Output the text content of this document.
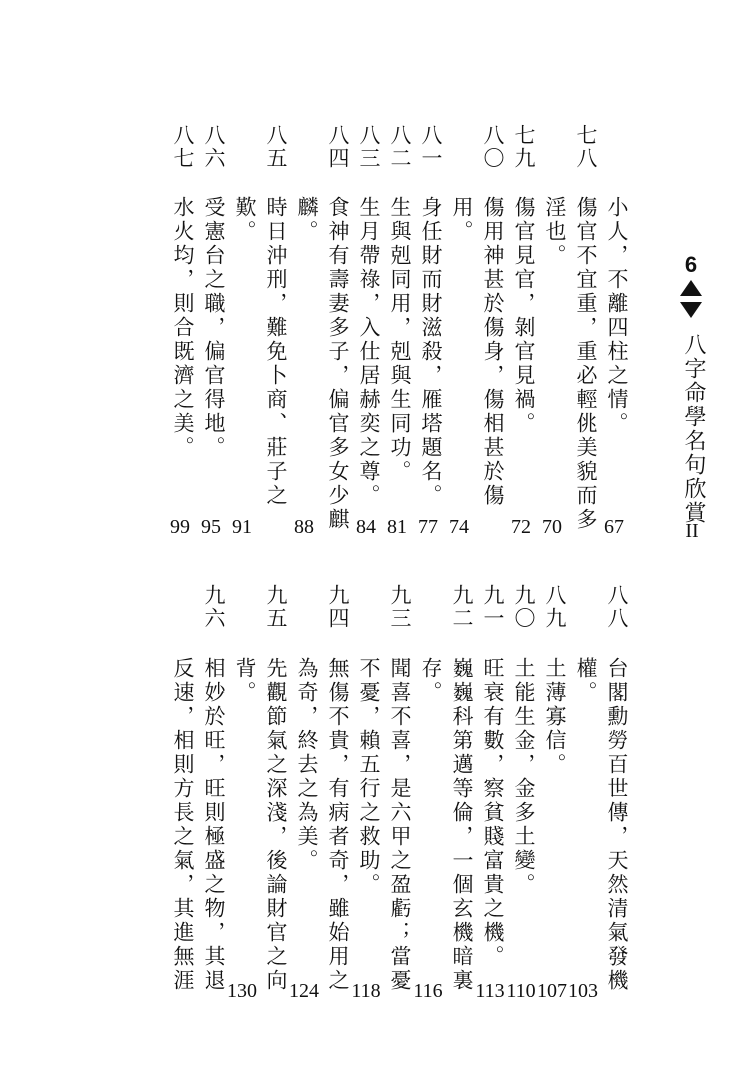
6
八字命學名句欣賞
II
小人，不離四柱之情。
67
七八
傷官不宜重，重必輕佻美貌而多
淫也。
70
七九
傷官見官，剝官見禍。
72
八〇
傷用神甚於傷身，傷相甚於傷
用。
74
八一
身任財而財滋殺，雁塔題名。
77
八二
生與剋同用，剋與生同功。
81
八三
生月帶祿，入仕居赫奕之尊。
84
八四
食神有壽妻多子，偏官多女少麒
麟。
88
八五
時日沖刑，難免卜商、莊子之
歎。
91
八六
受憲台之職，偏官得地。
95
八七
水火均，則合既濟之美。
99
八八
台閣勳勞百世傳，天然清氣發機
權。
103
八九
土薄寡信。
107
九〇
土能生金，金多土變。
110
九一
旺衰有數，察貧賤富貴之機。
113
九二
巍巍科第邁等倫，一個玄機暗裏
存。
116
九三
聞喜不喜，是六甲之盈虧；當憂
不憂，賴五行之救助。
118
九四
無傷不貴，有病者奇，雖始用之
為奇，終去之為美。
124
九五
先觀節氣之深淺，後論財官之向
背。
130
九六
相妙於旺，旺則極盛之物，其退
反速，相則方長之氣，其進無涯
